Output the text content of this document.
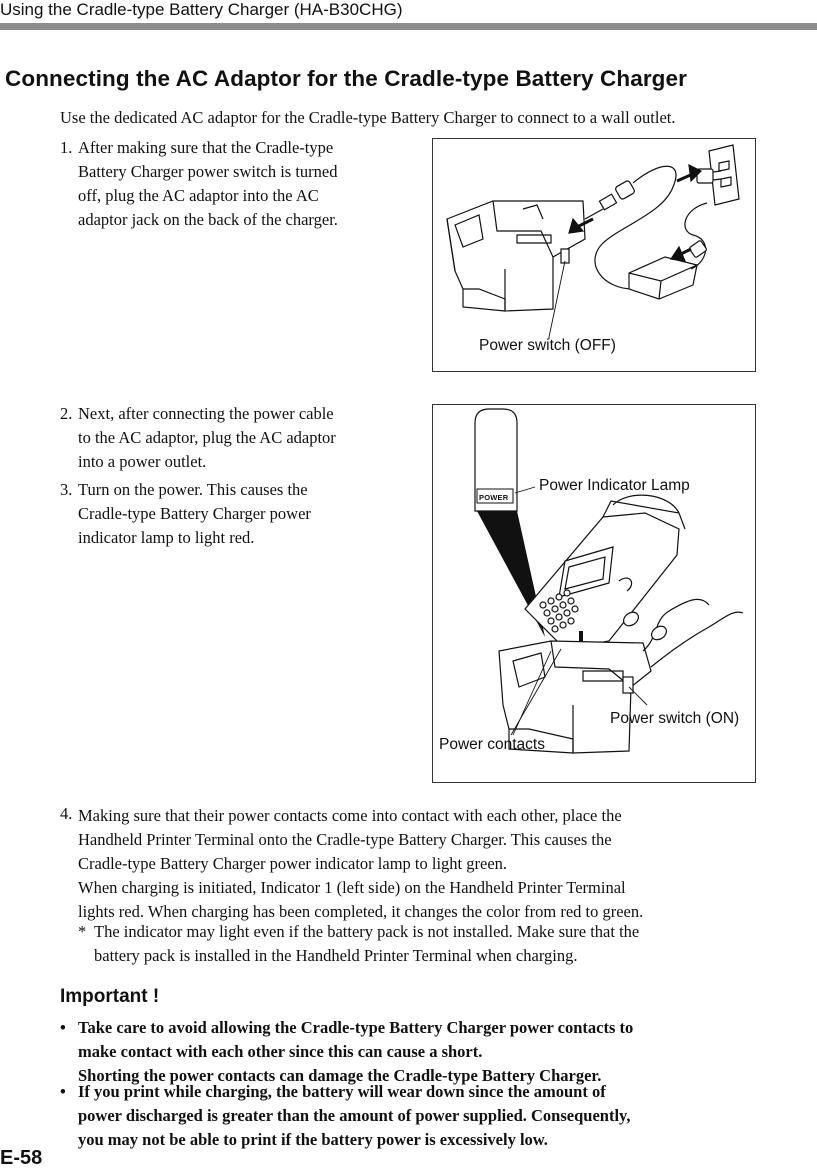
Using the Cradle-type Battery Charger (HA-B30CHG)
Connecting the AC Adaptor for the Cradle-type Battery Charger
Use the dedicated AC adaptor for the Cradle-type Battery Charger to connect to a wall outlet.
1. After making sure that the Cradle-type
Battery Charger power switch is turned
off, plug the AC adaptor into the AC
adaptor jack on the back of the charger.
Power switch (OFF)
2. Next, after connecting the power cable
to the AC adaptor, plug the AC adaptor
into a power outlet.
3. Turn on the power. This causes the
Cradle-type Battery Charger power
indicator lamp to light red.
POWER
Power Indicator Lamp
Power switch (ON)
Power contacts
4. Making sure that their power contacts come into contact with each other, place the
Handheld Printer Terminal onto the Cradle-type Battery Charger. This causes the
Cradle-type Battery Charger power indicator lamp to light green.
When charging is initiated, Indicator 1 (left side) on the Handheld Printer Terminal
lights red. When charging has been completed, it changes the color from red to green.
* The indicator may light even if the battery pack is not installed. Make sure that the
battery pack is installed in the Handheld Printer Terminal when charging.
Important !
• Take care to avoid allowing the Cradle-type Battery Charger power contacts to
make contact with each other since this can cause a short.
Shorting the power contacts can damage the Cradle-type Battery Charger.
• If you print while charging, the battery will wear down since the amount of
power discharged is greater than the amount of power supplied. Consequently,
you may not be able to print if the battery power is excessively low.
E-58
